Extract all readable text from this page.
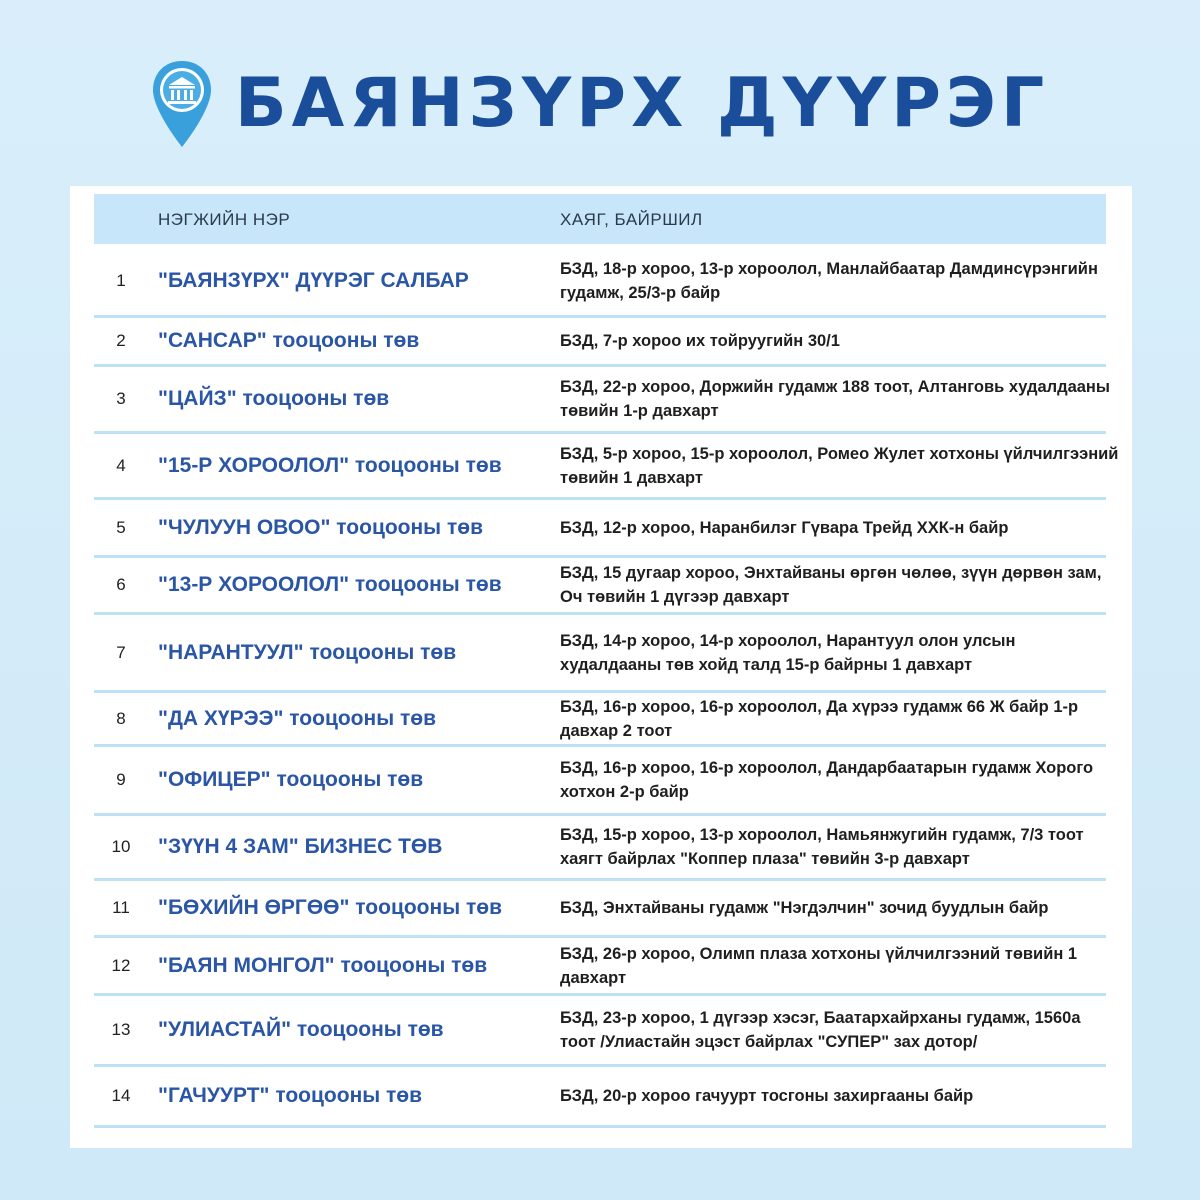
БАЯНЗҮРХ ДҮҮРЭГ
НЭГЖИЙН НЭР	ХАЯГ, БАЙРШИЛ
1	"БАЯНЗҮРХ" ДҮҮРЭГ САЛБАР	БЗД, 18-р хороо, 13-р хороолол, Манлайбаатар Дамдинсүрэнгийн гудамж, 25/3-р байр
2	"САНСАР" тооцооны төв	БЗД, 7-р хороо их тойруугийн 30/1
3	"ЦАЙЗ" тооцооны төв	БЗД, 22-р хороо, Доржийн гудамж 188 тоот, Алтанговь худалдааны төвийн 1-р давхарт
4	"15-Р ХОРООЛОЛ" тооцооны төв	БЗД, 5-р хороо, 15-р хороолол, Ромео Жулет хотхоны үйлчилгээний төвийн 1 давхарт
5	"ЧУЛУУН ОВОО" тооцооны төв	БЗД, 12-р хороо, Наранбилэг Гүвара Трейд ХХК-н байр
6	"13-Р ХОРООЛОЛ" тооцооны төв	БЗД, 15 дугаар хороо, Энхтайваны өргөн чөлөө, зүүн дөрвөн зам, Оч төвийн 1 дүгээр давхарт
7	"НАРАНТУУЛ" тооцооны төв	БЗД, 14-р хороо, 14-р хороолол, Нарантуул олон улсын худалдааны төв хойд талд 15-р байрны 1 давхарт
8	"ДА ХҮРЭЭ" тооцооны төв	БЗД, 16-р хороо, 16-р хороолол, Да хүрээ гудамж 66 Ж байр 1-р давхар 2 тоот
9	"ОФИЦЕР" тооцооны төв	БЗД, 16-р хороо, 16-р хороолол, Дандарбаатарын гудамж Хорого хотхон 2-р байр
10	"ЗҮҮН 4 ЗАМ" БИЗНЕС ТӨВ	БЗД, 15-р хороо, 13-р хороолол, Намьянжугийн гудамж, 7/3 тоот хаягт байрлах "Коппер плаза" төвийн 3-р давхарт
11	"БӨХИЙН ӨРГӨӨ" тооцооны төв	БЗД, Энхтайваны гудамж "Нэгдэлчин" зочид буудлын байр
12	"БАЯН МОНГОЛ" тооцооны төв	БЗД, 26-р хороо, Олимп плаза хотхоны үйлчилгээний төвийн 1 давхарт
13	"УЛИАСТАЙ" тооцооны төв	БЗД, 23-р хороо, 1 дүгээр хэсэг, Баатархайрханы гудамж, 1560а тоот /Улиастайн эцэст байрлах "СУПЕР" зах дотор/
14	"ГАЧУУРТ" тооцооны төв	БЗД, 20-р хороо гачуурт тосгоны захиргааны байр
